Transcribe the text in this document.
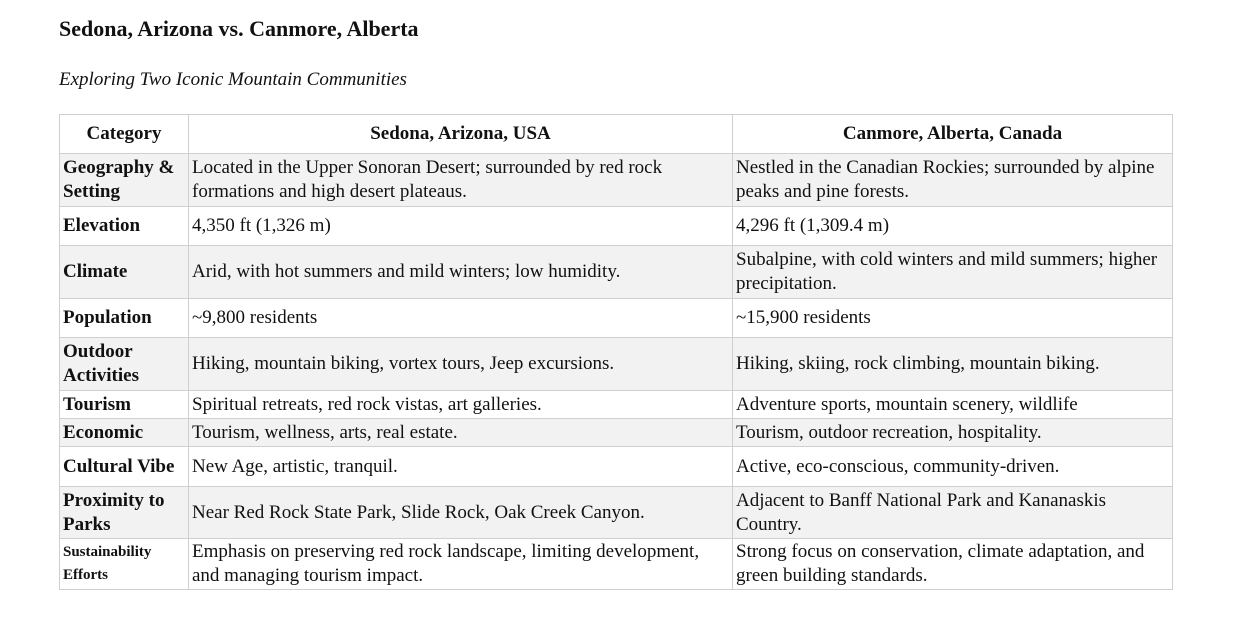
Sedona, Arizona vs. Canmore, Alberta

Exploring Two Iconic Mountain Communities

Category	Sedona, Arizona, USA	Canmore, Alberta, Canada
Geography & Setting	Located in the Upper Sonoran Desert; surrounded by red rock formations and high desert plateaus.	Nestled in the Canadian Rockies; surrounded by alpine peaks and pine forests.
Elevation	4,350 ft (1,326 m)	4,296 ft (1,309.4 m)
Climate	Arid, with hot summers and mild winters; low humidity.	Subalpine, with cold winters and mild summers; higher precipitation.
Population	~9,800 residents	~15,900 residents
Outdoor Activities	Hiking, mountain biking, vortex tours, Jeep excursions.	Hiking, skiing, rock climbing, mountain biking.
Tourism	Spiritual retreats, red rock vistas, art galleries.	Adventure sports, mountain scenery, wildlife
Economic	Tourism, wellness, arts, real estate.	Tourism, outdoor recreation, hospitality.
Cultural Vibe	New Age, artistic, tranquil.	Active, eco-conscious, community-driven.
Proximity to Parks	Near Red Rock State Park, Slide Rock, Oak Creek Canyon.	Adjacent to Banff National Park and Kananaskis Country.
Sustainability Efforts	Emphasis on preserving red rock landscape, limiting development, and managing tourism impact.	Strong focus on conservation, climate adaptation, and green building standards.
